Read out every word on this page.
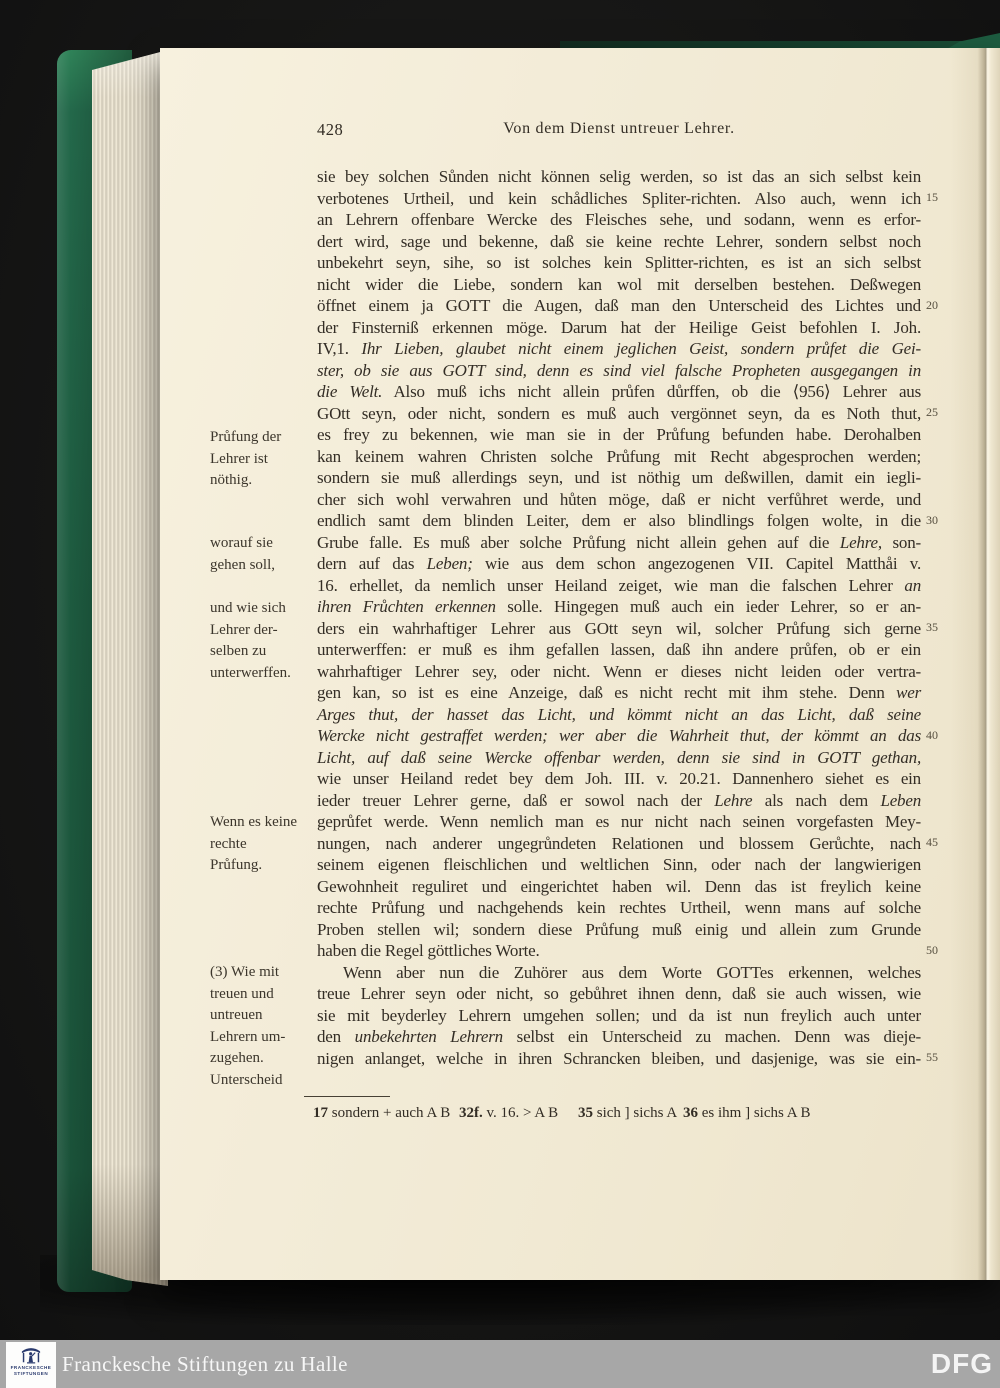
428	Von dem Dienst untreuer Lehrer.
Průfung der
Lehrer ist
nöthig.
worauf sie
gehen soll,
und wie sich
Lehrer der-
selben zu
unterwerffen.
Wenn es keine
rechte
Průfung.
(3) Wie mit
treuen und
untreuen
Lehrern um-
zugehen.
Unterscheid
sie bey solchen Sůnden nicht können selig werden, so ist das an sich selbst kein
verbotenes Urtheil, und kein schådliches Spliter-richten. Also auch, wenn ich
an Lehrern offenbare Wercke des Fleisches sehe, und sodann, wenn es erfor-
dert wird, sage und bekenne, daß sie keine rechte Lehrer, sondern selbst noch
unbekehrt seyn, sihe, so ist solches kein Splitter-richten, es ist an sich selbst
nicht wider die Liebe, sondern kan wol mit derselben bestehen. Deßwegen
öffnet einem ja GOTT die Augen, daß man den Unterscheid des Lichtes und
der Finsterniß erkennen möge. Darum hat der Heilige Geist befohlen I. Joh.
IV,1. Ihr Lieben, glaubet nicht einem jeglichen Geist, sondern průfet die Gei-
ster, ob sie aus GOTT sind, denn es sind viel falsche Propheten ausgegangen in
die Welt. Also muß ichs nicht allein průfen důrffen, ob die ⟨956⟩ Lehrer aus
GOtt seyn, oder nicht, sondern es muß auch vergönnet seyn, da es Noth thut,
es frey zu bekennen, wie man sie in der Průfung befunden habe. Derohalben
kan keinem wahren Christen solche Průfung mit Recht abgesprochen werden;
sondern sie muß allerdings seyn, und ist nöthig um deßwillen, damit ein iegli-
cher sich wohl verwahren und hůten möge, daß er nicht verfůhret werde, und
endlich samt dem blinden Leiter, dem er also blindlings folgen wolte, in die
Grube falle. Es muß aber solche Průfung nicht allein gehen auf die Lehre, son-
dern auf das Leben; wie aus dem schon angezogenen VII. Capitel Matthåi v.
16. erhellet, da nemlich unser Heiland zeiget, wie man die falschen Lehrer an
ihren Frůchten erkennen solle. Hingegen muß auch ein ieder Lehrer, so er an-
ders ein wahrhaftiger Lehrer aus GOtt seyn wil, solcher Průfung sich gerne
unterwerffen: er muß es ihm gefallen lassen, daß ihn andere průfen, ob er ein
wahrhaftiger Lehrer sey, oder nicht. Wenn er dieses nicht leiden oder vertra-
gen kan, so ist es eine Anzeige, daß es nicht recht mit ihm stehe. Denn wer
Arges thut, der hasset das Licht, und kömmt nicht an das Licht, daß seine
Wercke nicht gestraffet werden; wer aber die Wahrheit thut, der kömmt an das
Licht, auf daß seine Wercke offenbar werden, denn sie sind in GOTT gethan,
wie unser Heiland redet bey dem Joh. III. v. 20.21. Dannenhero siehet es ein
ieder treuer Lehrer gerne, daß er sowol nach der Lehre als nach dem Leben
geprůfet werde. Wenn nemlich man es nur nicht nach seinen vorgefasten Mey-
nungen, nach anderer ungegrůndeten Relationen und blossem Gerůchte, nach
seinem eigenen fleischlichen und weltlichen Sinn, oder nach der langwierigen
Gewohnheit reguliret und eingerichtet haben wil. Denn das ist freylich keine
rechte Průfung und nachgehends kein rechtes Urtheil, wenn mans auf solche
Proben stellen wil; sondern diese Průfung muß einig und allein zum Grunde
haben die Regel göttliches Worte.
Wenn aber nun die Zuhörer aus dem Worte GOTTes erkennen, welches
treue Lehrer seyn oder nicht, so gebůhret ihnen denn, daß sie auch wissen, wie
sie mit beyderley Lehrern umgehen sollen; und da ist nun freylich auch unter
den unbekehrten Lehrern selbst ein Unterscheid zu machen. Denn was dieje-
nigen anlanget, welche in ihren Schrancken bleiben, und dasjenige, was sie ein-
15
20
25
30
35
40
45
50
55
17 sondern + auch A B 32f. v. 16. > A B 35 sich ] sichs A 36 es ihm ] sichs A B
FRANCKESCHE
STIFTUNGEN Franckesche Stiftungen zu Halle	DFG
